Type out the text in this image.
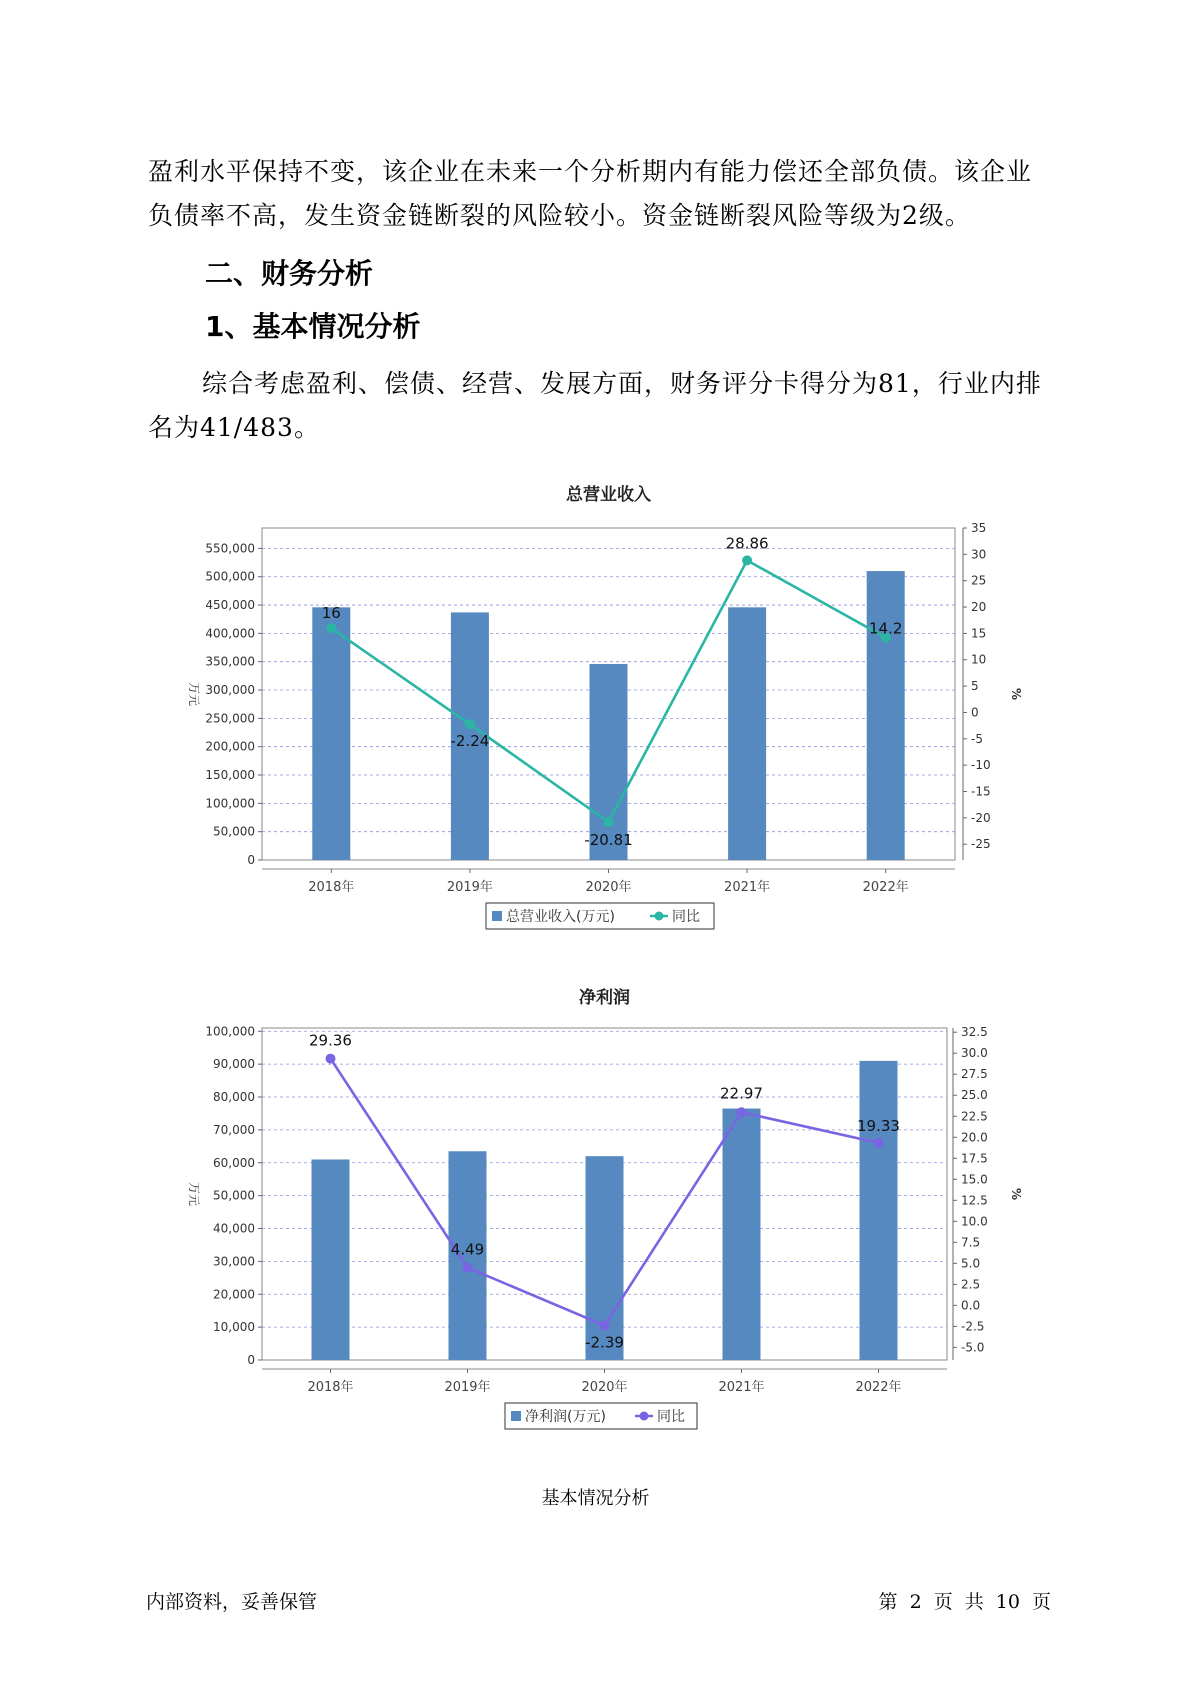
盈利水平保持不变，该企业在未来一个分析期内有能力偿还全部负债。该企业负债率不高，发生资金链断裂的风险较小。资金链断裂风险等级为2级。

二、财务分析
1、基本情况分析

综合考虑盈利、偿债、经营、发展方面，财务评分卡得分为81，行业内排名为41/483。

总营业收入
0
50,000
100,000
150,000
200,000
250,000
300,000
350,000
400,000
450,000
500,000
550,000
-25
-20
-15
-10
-5
0
5
10
15
20
25
30
35
万元	%
2018年	2019年	2020年	2021年	2022年
16
-2.24
-20.81
28.86
14.2
总营业收入(万元)	同比
净利润
0
10,000
20,000
30,000
40,000
50,000
60,000
70,000
80,000
90,000
100,000
-5.0
-2.5
0.0
2.5
5.0
7.5
10.0
12.5
15.0
17.5
20.0
22.5
25.0
27.5
30.0
32.5
万元	%
2018年	2019年	2020年	2021年	2022年
29.36
4.49
-2.39
22.97
19.33
净利润(万元)	同比
基本情况分析
内部资料，妥善保管	第 2 页 共 10 页
